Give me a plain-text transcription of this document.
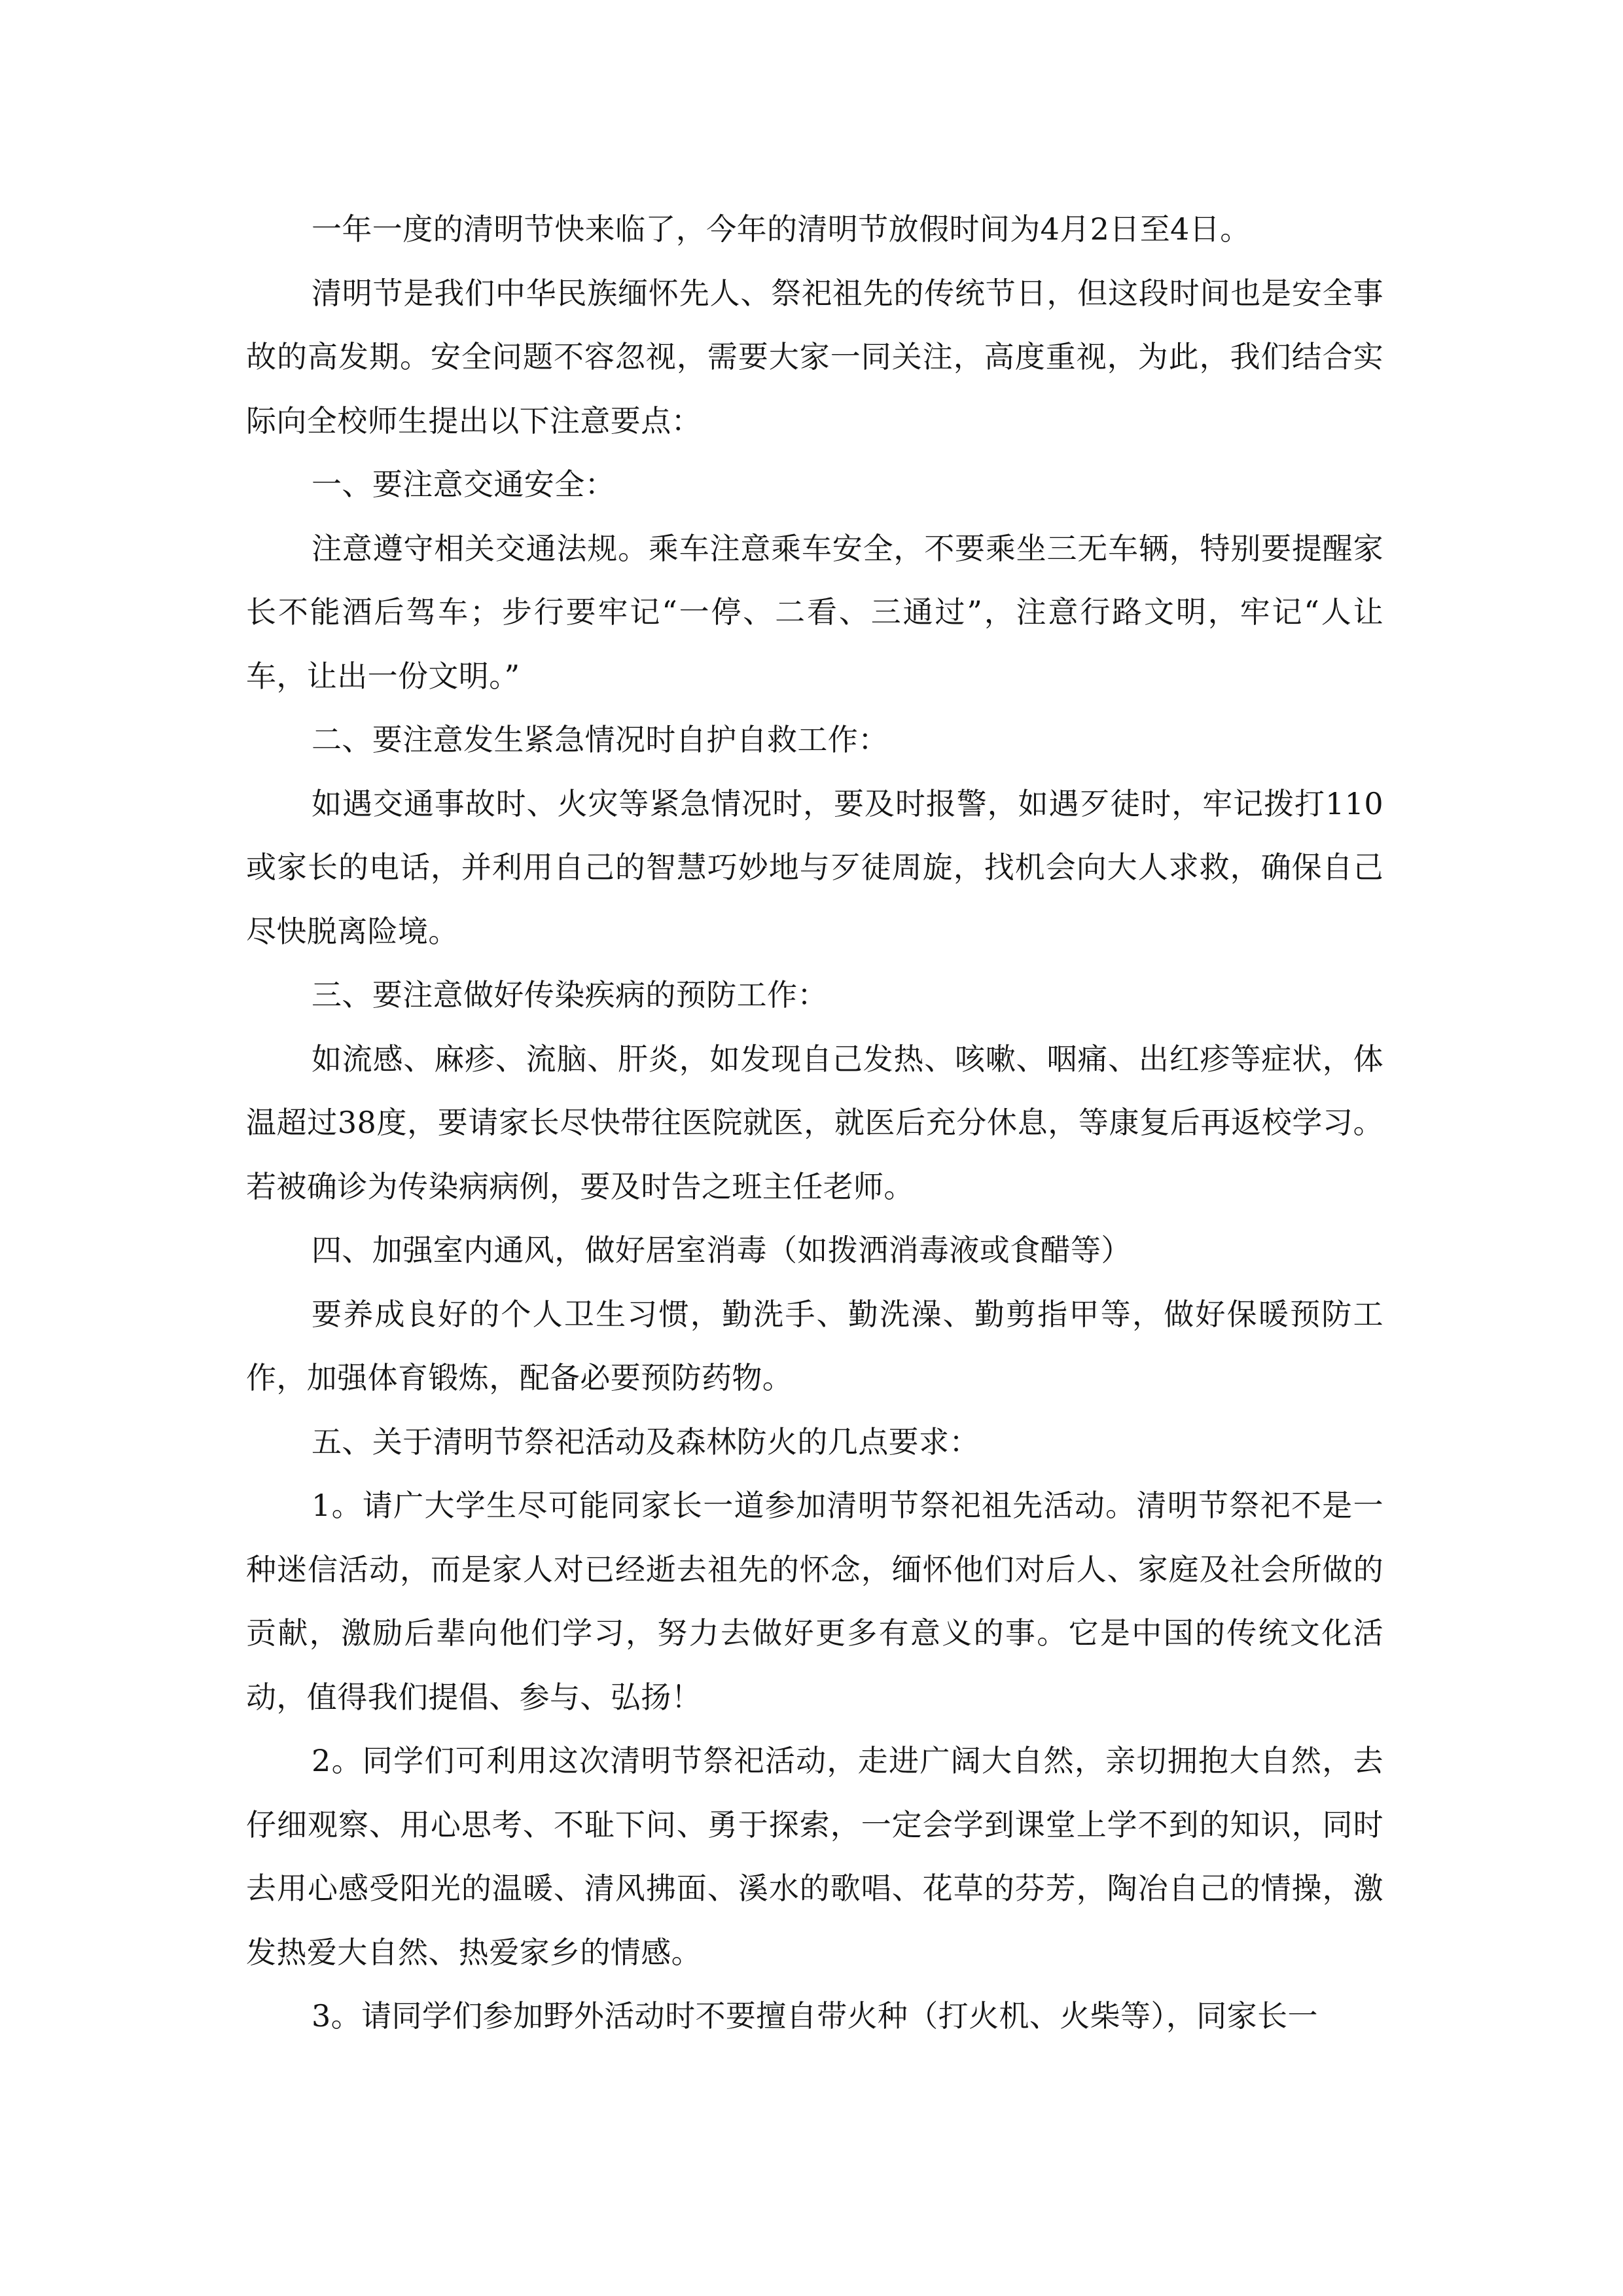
一年一度的清明节快来临了，今年的清明节放假时间为4月2日至4日。

清明节是我们中华民族缅怀先人、祭祀祖先的传统节日，但这段时间也是安全事故的高发期。安全问题不容忽视，需要大家一同关注，高度重视，为此，我们结合实际向全校师生提出以下注意要点：

一、要注意交通安全：

注意遵守相关交通法规。乘车注意乘车安全，不要乘坐三无车辆，特别要提醒家长不能酒后驾车；步行要牢记“一停、二看、三通过”，注意行路文明，牢记“人让车，让出一份文明。”

二、要注意发生紧急情况时自护自救工作：

如遇交通事故时、火灾等紧急情况时，要及时报警，如遇歹徒时，牢记拨打110或家长的电话，并利用自己的智慧巧妙地与歹徒周旋，找机会向大人求救，确保自己尽快脱离险境。

三、要注意做好传染疾病的预防工作：

如流感、麻疹、流脑、肝炎，如发现自己发热、咳嗽、咽痛、出红疹等症状，体温超过38度，要请家长尽快带往医院就医，就医后充分休息，等康复后再返校学习。若被确诊为传染病病例，要及时告之班主任老师。

四、加强室内通风，做好居室消毒（如拨洒消毒液或食醋等）

要养成良好的个人卫生习惯，勤洗手、勤洗澡、勤剪指甲等，做好保暖预防工作，加强体育锻炼，配备必要预防药物。

五、关于清明节祭祀活动及森林防火的几点要求：

1。请广大学生尽可能同家长一道参加清明节祭祀祖先活动。清明节祭祀不是一种迷信活动，而是家人对已经逝去祖先的怀念，缅怀他们对后人、家庭及社会所做的贡献，激励后辈向他们学习，努力去做好更多有意义的事。它是中国的传统文化活动，值得我们提倡、参与、弘扬！

2。同学们可利用这次清明节祭祀活动，走进广阔大自然，亲切拥抱大自然，去仔细观察、用心思考、不耻下问、勇于探索，一定会学到课堂上学不到的知识，同时去用心感受阳光的温暖、清风拂面、溪水的歌唱、花草的芬芳，陶冶自己的情操，激发热爱大自然、热爱家乡的情感。

3。请同学们参加野外活动时不要擅自带火种（打火机、火柴等），同家长一
